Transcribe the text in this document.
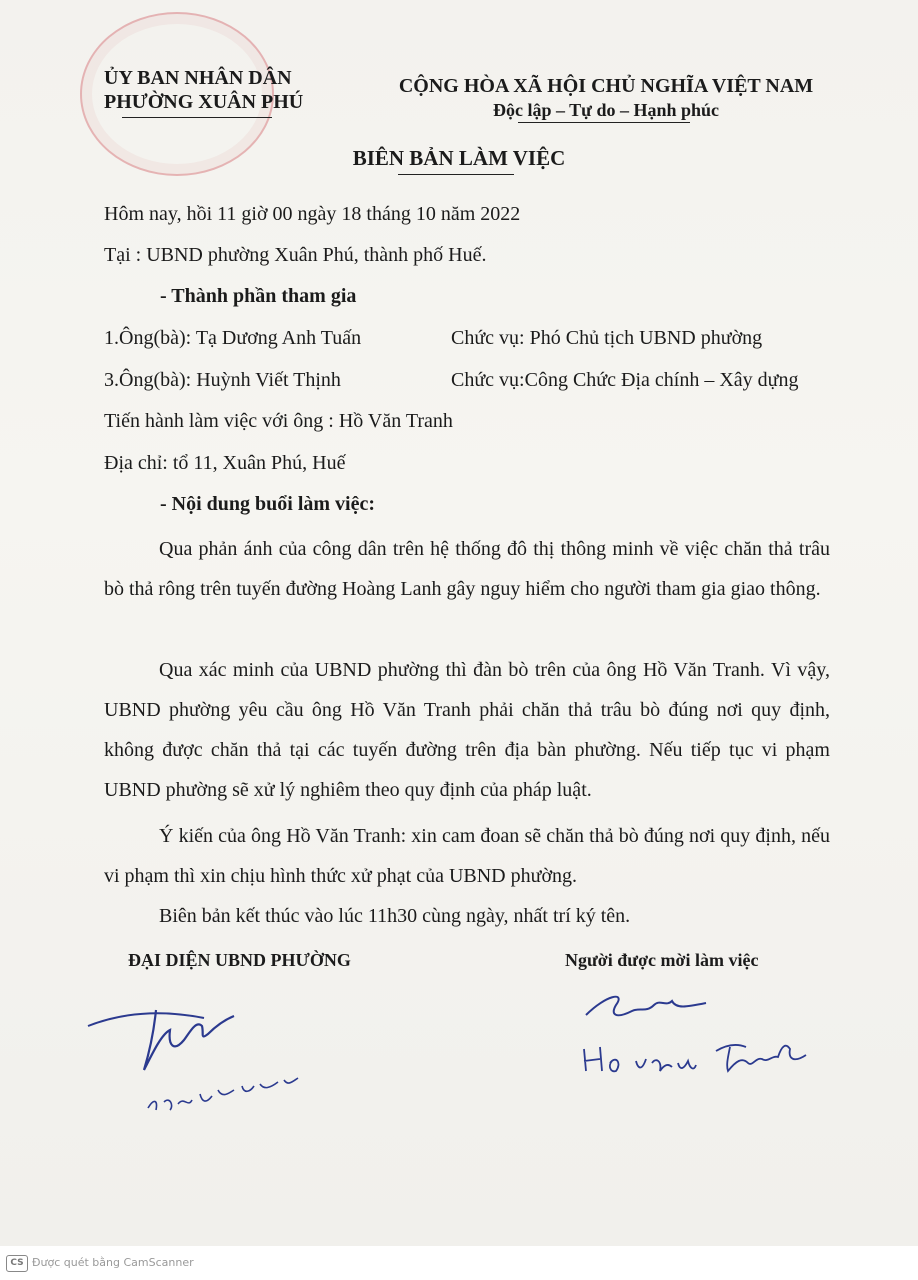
ỦY BAN NHÂN DÂN
PHƯỜNG XUÂN PHÚ
CỘNG HÒA XÃ HỘI CHỦ NGHĨA VIỆT NAM
Độc lập – Tự do – Hạnh phúc
BIÊN BẢN LÀM VIỆC
Hôm nay, hồi 11 giờ 00 ngày 18 tháng 10 năm 2022
Tại : UBND phường Xuân Phú, thành phố Huế.
- Thành phần tham gia
1.Ông(bà): Tạ Dương Anh Tuấn	Chức vụ: Phó Chủ tịch UBND phường
3.Ông(bà): Huỳnh Viết Thịnh	Chức vụ:Công Chức Địa chính – Xây dựng
Tiến hành làm việc với ông : Hồ Văn Tranh
Địa chỉ: tổ 11, Xuân Phú, Huế
- Nội dung buổi làm việc:
Qua phản ánh của công dân trên hệ thống đô thị thông minh về việc chăn thả trâu bò thả rông trên tuyến đường Hoàng Lanh gây nguy hiểm cho người tham gia giao thông.
Qua xác minh của UBND phường thì đàn bò trên của ông Hồ Văn Tranh. Vì vậy, UBND phường yêu cầu ông Hồ Văn Tranh phải chăn thả trâu bò đúng nơi quy định, không được chăn thả tại các tuyến đường trên địa bàn phường. Nếu tiếp tục vi phạm UBND phường sẽ xử lý nghiêm theo quy định của pháp luật.
Ý kiến của ông Hồ Văn Tranh: xin cam đoan sẽ chăn thả bò đúng nơi quy định, nếu vi phạm thì xin chịu hình thức xử phạt của UBND phường.
Biên bản kết thúc vào lúc 11h30 cùng ngày, nhất trí ký tên.
ĐẠI DIỆN UBND PHƯỜNG	Người được mời làm việc
CS Được quét bằng CamScanner
